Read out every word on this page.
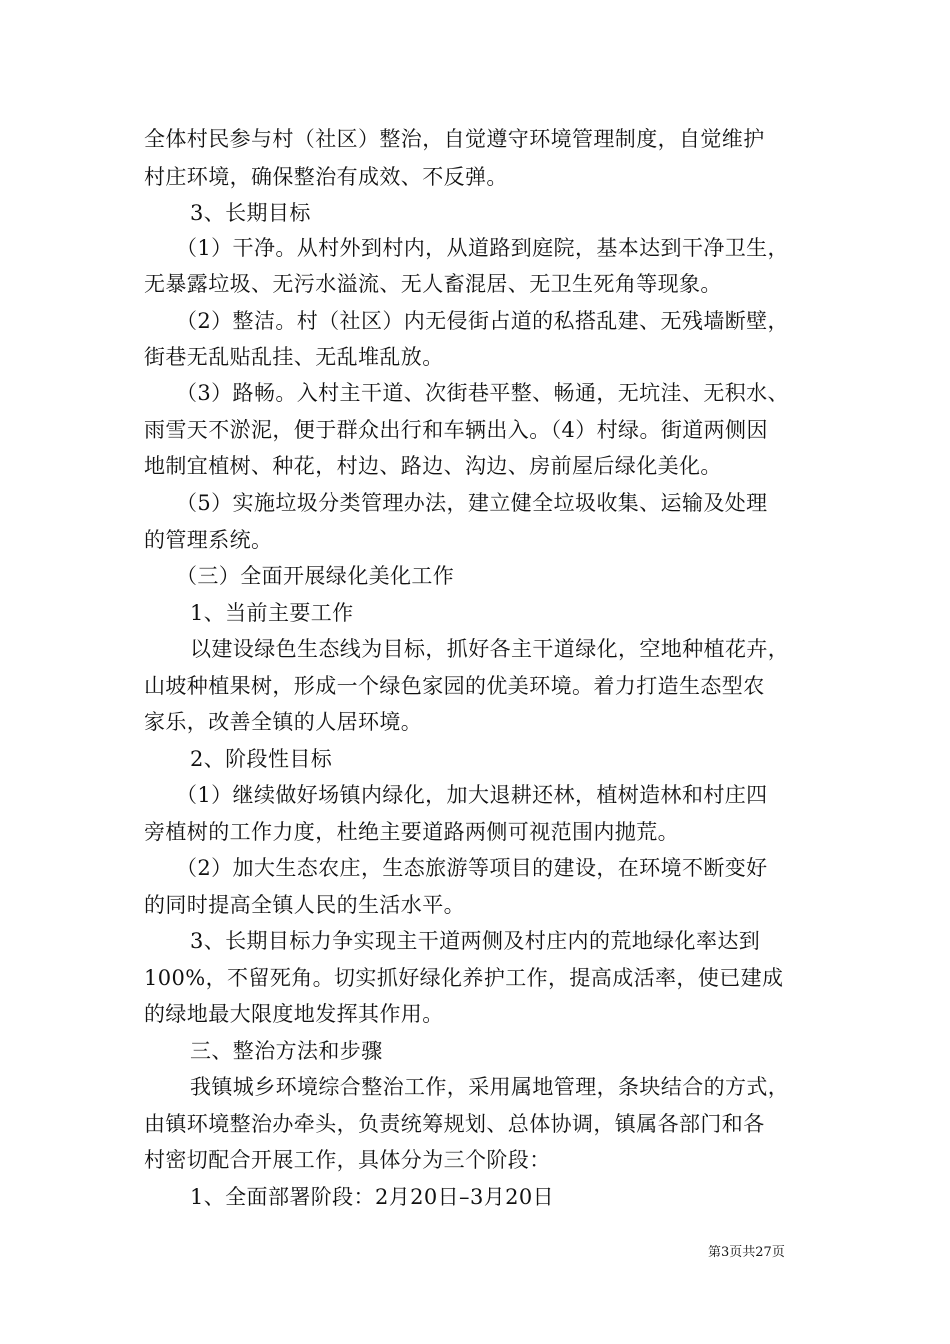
全体村民参与村（社区）整治，自觉遵守环境管理制度，自觉维护

村庄环境，确保整治有成效、不反弹。

3、长期目标

（1）干净。从村外到村内，从道路到庭院，基本达到干净卫生，

无暴露垃圾、无污水溢流、无人畜混居、无卫生死角等现象。

（2）整洁。村（社区）内无侵街占道的私搭乱建、无残墙断壁，

街巷无乱贴乱挂、无乱堆乱放。

（3）路畅。入村主干道、次街巷平整、畅通，无坑洼、无积水、

雨雪天不淤泥，便于群众出行和车辆出入。（4）村绿。街道两侧因

地制宜植树、种花，村边、路边、沟边、房前屋后绿化美化。

（5）实施垃圾分类管理办法，建立健全垃圾收集、运输及处理

的管理系统。

（三）全面开展绿化美化工作

1、当前主要工作

以建设绿色生态线为目标，抓好各主干道绿化，空地种植花卉，

山坡种植果树，形成一个绿色家园的优美环境。着力打造生态型农

家乐，改善全镇的人居环境。

2、阶段性目标

（1）继续做好场镇内绿化，加大退耕还林，植树造林和村庄四

旁植树的工作力度，杜绝主要道路两侧可视范围内抛荒。

（2）加大生态农庄，生态旅游等项目的建设，在环境不断变好

的同时提高全镇人民的生活水平。

3、长期目标力争实现主干道两侧及村庄内的荒地绿化率达到

100%，不留死角。切实抓好绿化养护工作，提高成活率，使已建成

的绿地最大限度地发挥其作用。

三、整治方法和步骤

我镇城乡环境综合整治工作，采用属地管理，条块结合的方式，

由镇环境整治办牵头，负责统筹规划、总体协调，镇属各部门和各

村密切配合开展工作，具体分为三个阶段：

1、全面部署阶段：2月20日–3月20日

第3页共27页
